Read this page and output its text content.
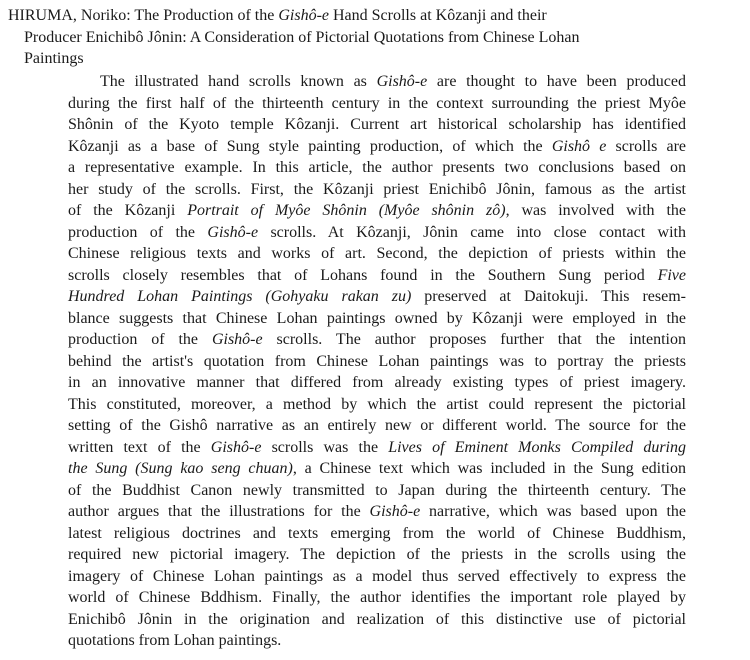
HIRUMA, Noriko: The Production of the Gishô-e Hand Scrolls at Kôzanji and their
Producer Enichibô Jônin: A Consideration of Pictorial Quotations from Chinese Lohan
Paintings
The illustrated hand scrolls known as Gishô-e are thought to have been produced
during the first half of the thirteenth century in the context surrounding the priest Myôe
Shônin of the Kyoto temple Kôzanji. Current art historical scholarship has identified
Kôzanji as a base of Sung style painting production, of which the Gishô e scrolls are
a representative example. In this article, the author presents two conclusions based on
her study of the scrolls. First, the Kôzanji priest Enichibô Jônin, famous as the artist
of the Kôzanji Portrait of Myôe Shônin (Myôe shônin zô), was involved with the
production of the Gishô-e scrolls. At Kôzanji, Jônin came into close contact with
Chinese religious texts and works of art. Second, the depiction of priests within the
scrolls closely resembles that of Lohans found in the Southern Sung period Five
Hundred Lohan Paintings (Gohyaku rakan zu) preserved at Daitokuji. This resem-
blance suggests that Chinese Lohan paintings owned by Kôzanji were employed in the
production of the Gishô-e scrolls. The author proposes further that the intention
behind the artist's quotation from Chinese Lohan paintings was to portray the priests
in an innovative manner that differed from already existing types of priest imagery.
This constituted, moreover, a method by which the artist could represent the pictorial
setting of the Gishô narrative as an entirely new or different world. The source for the
written text of the Gishô-e scrolls was the Lives of Eminent Monks Compiled during
the Sung (Sung kao seng chuan), a Chinese text which was included in the Sung edition
of the Buddhist Canon newly transmitted to Japan during the thirteenth century. The
author argues that the illustrations for the Gishô-e narrative, which was based upon the
latest religious doctrines and texts emerging from the world of Chinese Buddhism,
required new pictorial imagery. The depiction of the priests in the scrolls using the
imagery of Chinese Lohan paintings as a model thus served effectively to express the
world of Chinese Bddhism. Finally, the author identifies the important role played by
Enichibô Jônin in the origination and realization of this distinctive use of pictorial
quotations from Lohan paintings.
